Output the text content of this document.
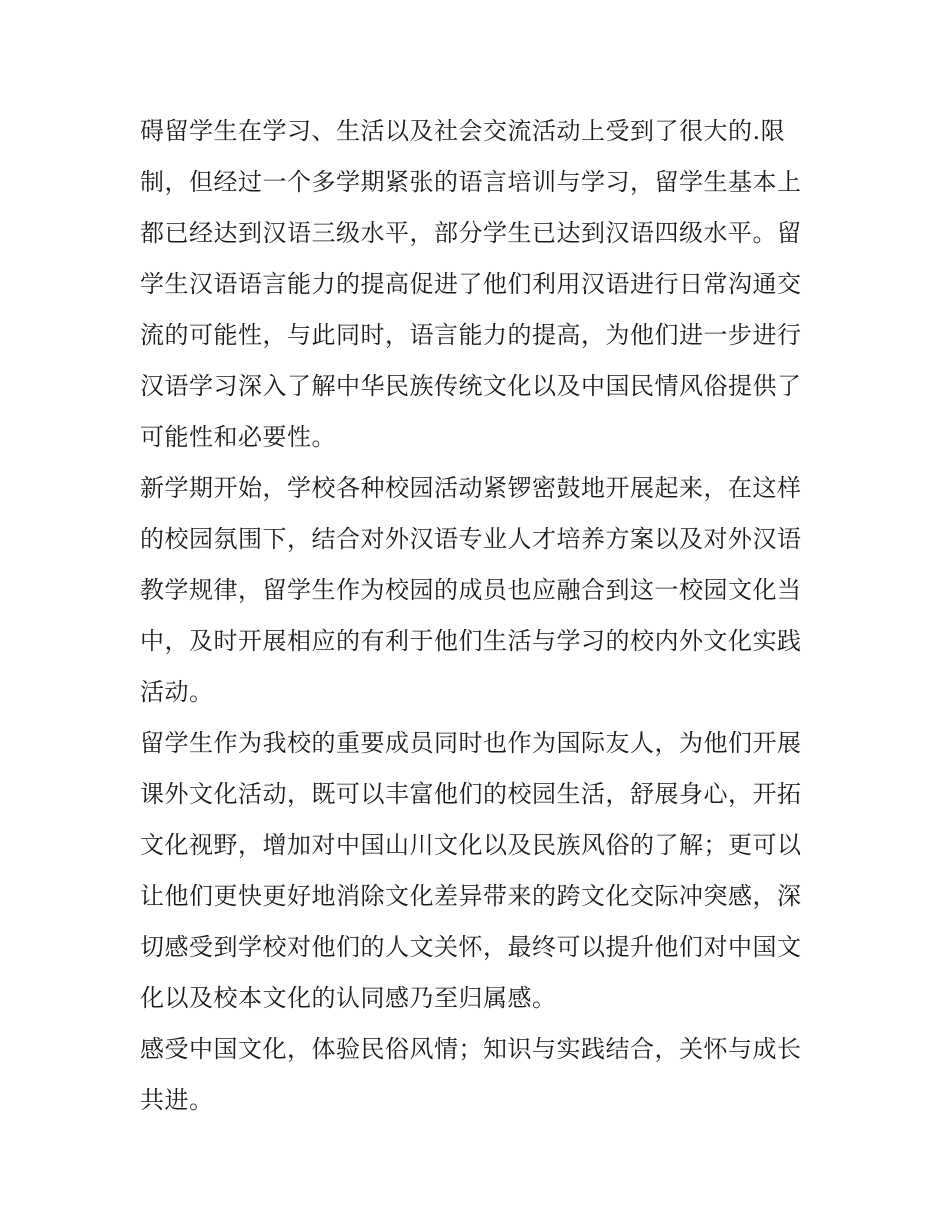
碍留学生在学习、生活以及社会交流活动上受到了很大的.限
制，但经过一个多学期紧张的语言培训与学习，留学生基本上
都已经达到汉语三级水平，部分学生已达到汉语四级水平。留
学生汉语语言能力的提高促进了他们利用汉语进行日常沟通交
流的可能性，与此同时，语言能力的提高，为他们进一步进行
汉语学习深入了解中华民族传统文化以及中国民情风俗提供了
可能性和必要性。
新学期开始，学校各种校园活动紧锣密鼓地开展起来，在这样
的校园氛围下，结合对外汉语专业人才培养方案以及对外汉语
教学规律，留学生作为校园的成员也应融合到这一校园文化当
中，及时开展相应的有利于他们生活与学习的校内外文化实践
活动。
留学生作为我校的重要成员同时也作为国际友人，为他们开展
课外文化活动，既可以丰富他们的校园生活，舒展身心，开拓
文化视野，增加对中国山川文化以及民族风俗的了解；更可以
让他们更快更好地消除文化差异带来的跨文化交际冲突感，深
切感受到学校对他们的人文关怀，最终可以提升他们对中国文
化以及校本文化的认同感乃至归属感。
感受中国文化，体验民俗风情；知识与实践结合，关怀与成长
共进。
